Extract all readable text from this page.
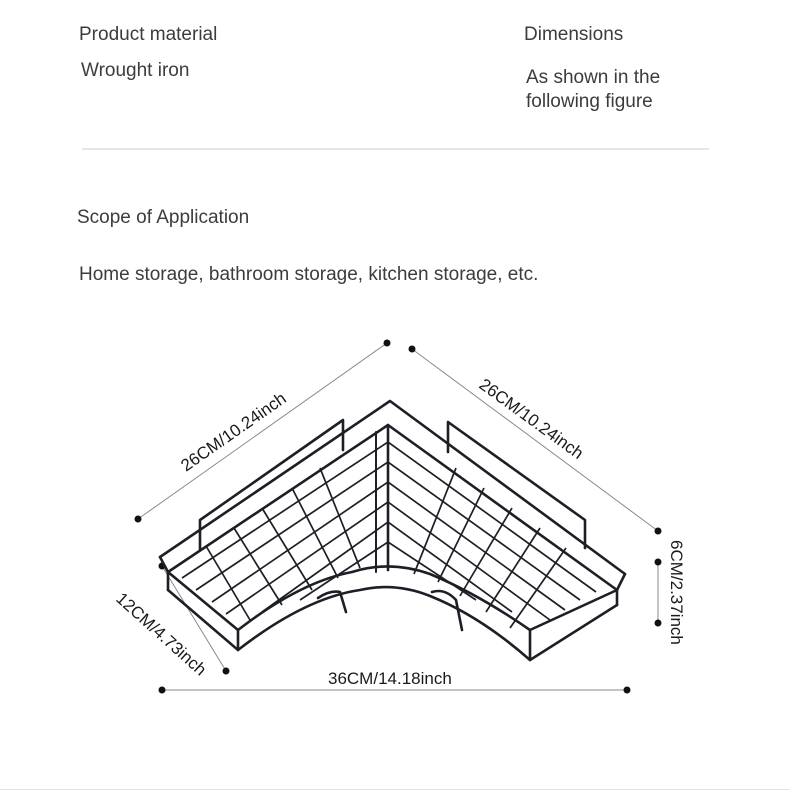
Product material
Wrought iron
Dimensions
As shown in the
following figure
Scope of Application
Home storage, bathroom storage, kitchen storage, etc.
26CM/10.24inch	26CM/10.24inch
6CM/2.37inch
12CM/4.73inch	36CM/14.18inch
